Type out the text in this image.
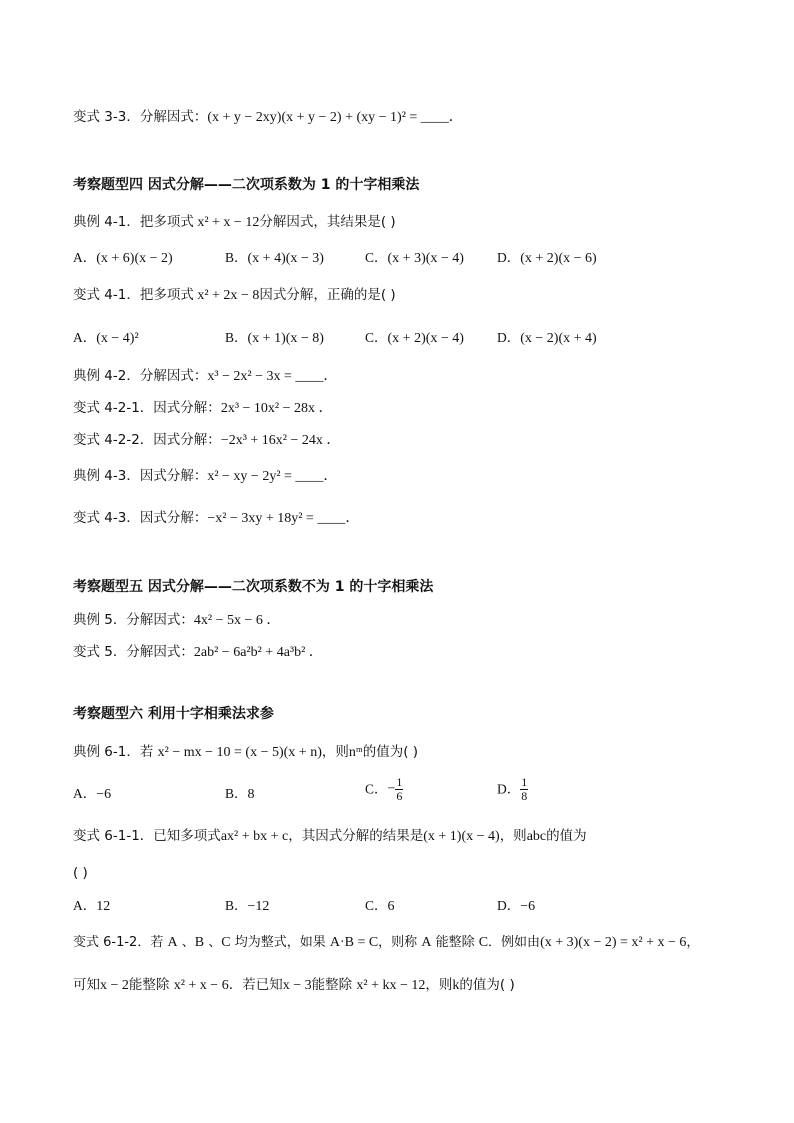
变式 3-3．分解因式：(x + y − 2xy)(x + y − 2) + (xy − 1)² = ____．
考察题型四 因式分解——二次项系数为 1 的十字相乘法
典例 4-1．把多项式 x² + x − 12分解因式，其结果是( )
A．(x + 6)(x − 2)	B．(x + 4)(x − 3)	C．(x + 3)(x − 4) D．(x + 2)(x − 6)
变式 4-1．把多项式 x² + 2x − 8因式分解，正确的是( )
A．(x − 4)²	B．(x + 1)(x − 8)	C．(x + 2)(x − 4) D．(x − 2)(x + 4)
典例 4-2．分解因式：x³ − 2x² − 3x = ____．
变式 4-2-1．因式分解：2x³ − 10x² − 28x ．
变式 4-2-2．因式分解：−2x³ + 16x² − 24x ．
典例 4-3．因式分解：x² − xy − 2y² = ____．
变式 4-3．因式分解：−x² − 3xy + 18y² = ____．
考察题型五 因式分解——二次项系数不为 1 的十字相乘法
典例 5．分解因式：4x² − 5x − 6 ．
变式 5．分解因式：2ab² − 6a²b² + 4a³b² ．
考察题型六 利用十字相乘法求参
典例 6-1．若 x² − mx − 10 = (x − 5)(x + n)，则nᵐ的值为( )
A．−6	B．8	C．− $\frac{1}{6}$	D． $\frac{1}{8}$
变式 6-1-1．已知多项式ax² + bx + c，其因式分解的结果是(x + 1)(x − 4)，则abc的值为
( )
A．12	B．−12	C．6	D．−6
变式 6-1-2．若 A 、B 、C 均为整式，如果 A·B = C，则称 A 能整除 C．例如由(x + 3)(x − 2) = x² + x − 6，
可知x − 2能整除 x² + x − 6．若已知x − 3能整除 x² + kx − 12，则k的值为( )
